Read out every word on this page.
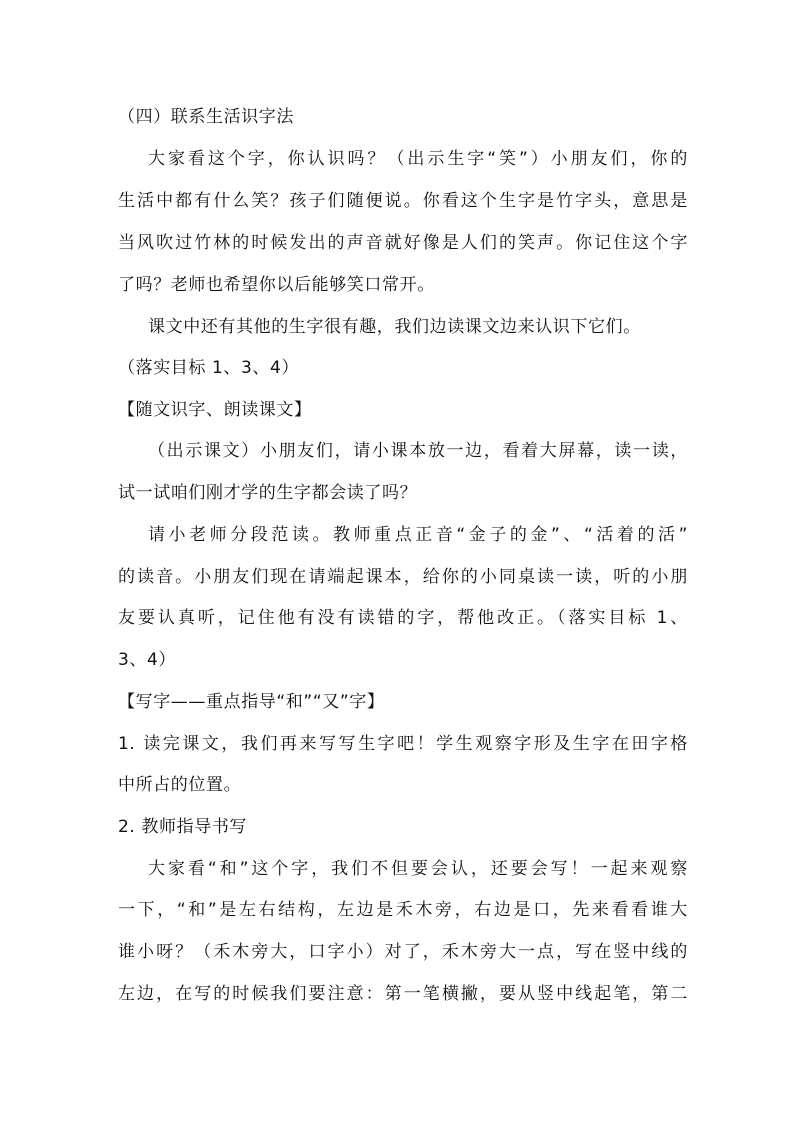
（四）联系生活识字法
大家看这个字，你认识吗？（出示生字“笑”）小朋友们，你的
生活中都有什么笑？孩子们随便说。你看这个生字是竹字头，意思是
当风吹过竹林的时候发出的声音就好像是人们的笑声。你记住这个字
了吗？老师也希望你以后能够笑口常开。
课文中还有其他的生字很有趣，我们边读课文边来认识下它们。
（落实目标 1、3、4）
【随文识字、朗读课文】
（出示课文）小朋友们，请小课本放一边，看着大屏幕，读一读，
试一试咱们刚才学的生字都会读了吗？
请小老师分段范读。教师重点正音“金子的金”、“活着的活”
的读音。小朋友们现在请端起课本，给你的小同桌读一读，听的小朋
友要认真听，记住他有没有读错的字，帮他改正。（落实目标 1、
3、4）
【写字——重点指导“和”“又”字】
1. 读完课文，我们再来写写生字吧！学生观察字形及生字在田字格
中所占的位置。
2. 教师指导书写
大家看“和”这个字，我们不但要会认，还要会写！一起来观察
一下，“和”是左右结构，左边是禾木旁，右边是口，先来看看谁大
谁小呀？（禾木旁大，口字小）对了，禾木旁大一点，写在竖中线的
左边，在写的时候我们要注意：第一笔横撇，要从竖中线起笔，第二
